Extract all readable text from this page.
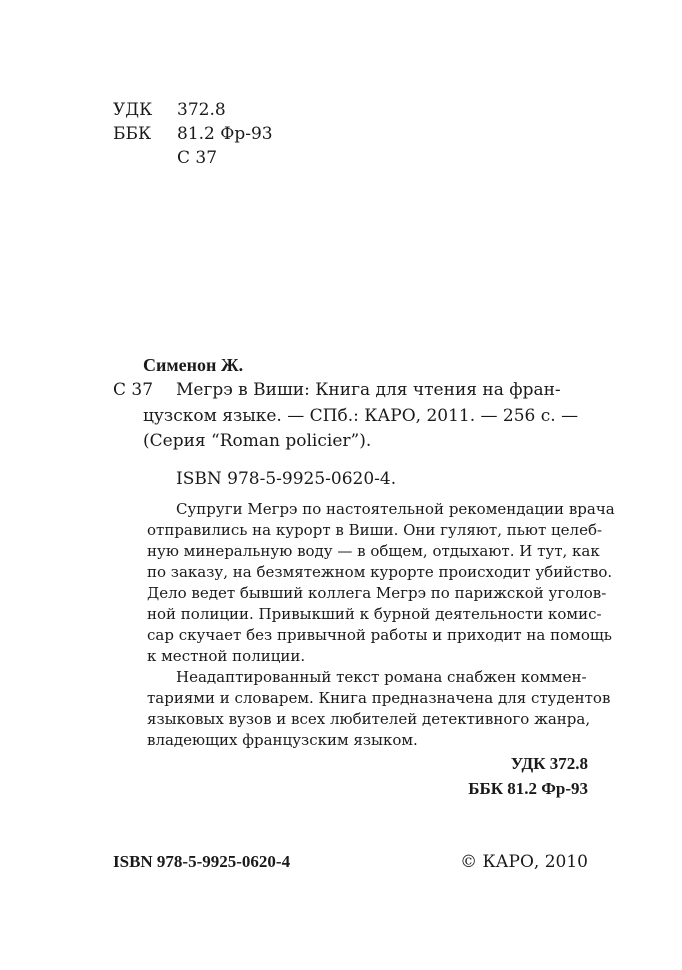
УДК 372.8
ББК 81.2 Фр-93
С 37
Сименон Ж.
С 37 Мегрэ в Виши: Книга для чтения на фран-
цузском языке. — СПб.: КАРО, 2011. — 256 с. —
(Серия “Roman policier”).
ISBN 978-5-9925-0620-4.
Супруги Мегрэ по настоятельной рекомендации врача
отправились на курорт в Виши. Они гуляют, пьют целеб-
ную минеральную воду — в общем, отдыхают. И тут, как
по заказу, на безмятежном курорте происходит убийство.
Дело ведет бывший коллега Мегрэ по парижской уголов-
ной полиции. Привыкший к бурной деятельности комис-
сар скучает без привычной работы и приходит на помощь
к местной полиции.
Неадаптированный текст романа снабжен коммен-
тариями и словарем. Книга предназначена для студентов
языковых вузов и всех любителей детективного жанра,
владеющих французским языком.
УДК 372.8
ББК 81.2 Фр-93
ISBN 978-5-9925-0620-4	© КАРО, 2010
